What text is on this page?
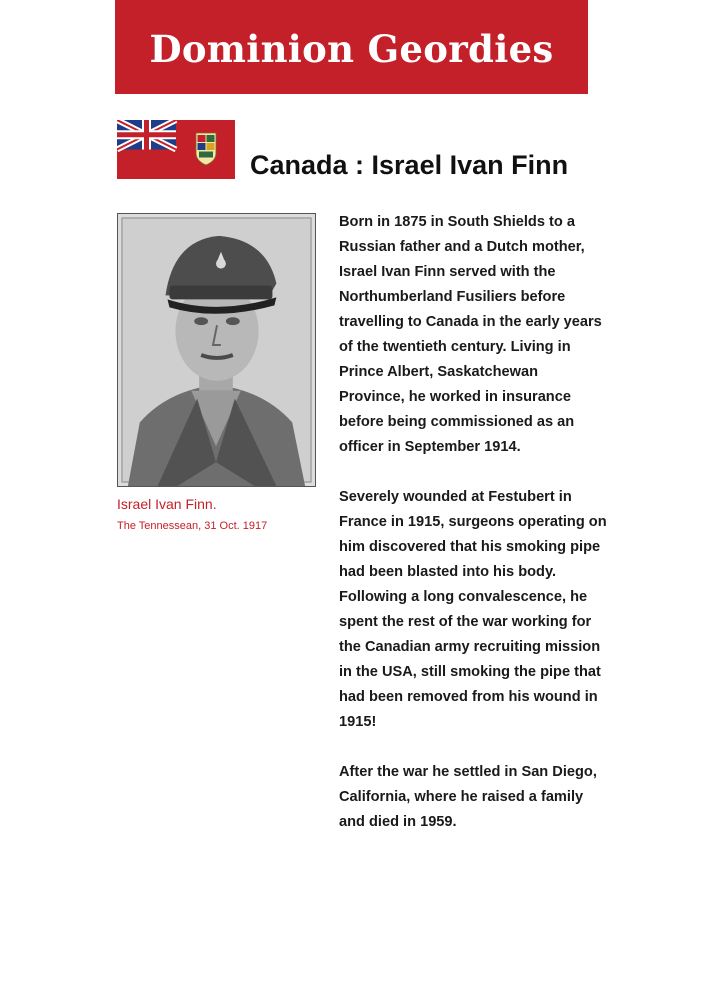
Dominion Geordies
Canada : Israel Ivan Finn
Israel Ivan Finn.
The Tennessean, 31 Oct. 1917

Born in 1875 in South Shields to a Russian father and a Dutch mother, Israel Ivan Finn served with the Northumberland Fusiliers before travelling to Canada in the early years of the twentieth century. Living in Prince Albert, Saskatchewan Province, he worked in insurance before being commissioned as an officer in September 1914.

Severely wounded at Festubert in France in 1915, surgeons operating on him discovered that his smoking pipe had been blasted into his body. Following a long convalescence, he spent the rest of the war working for the Canadian army recruiting mission in the USA, still smoking the pipe that had been removed from his wound in 1915!

After the war he settled in San Diego, California, where he raised a family and died in 1959.
